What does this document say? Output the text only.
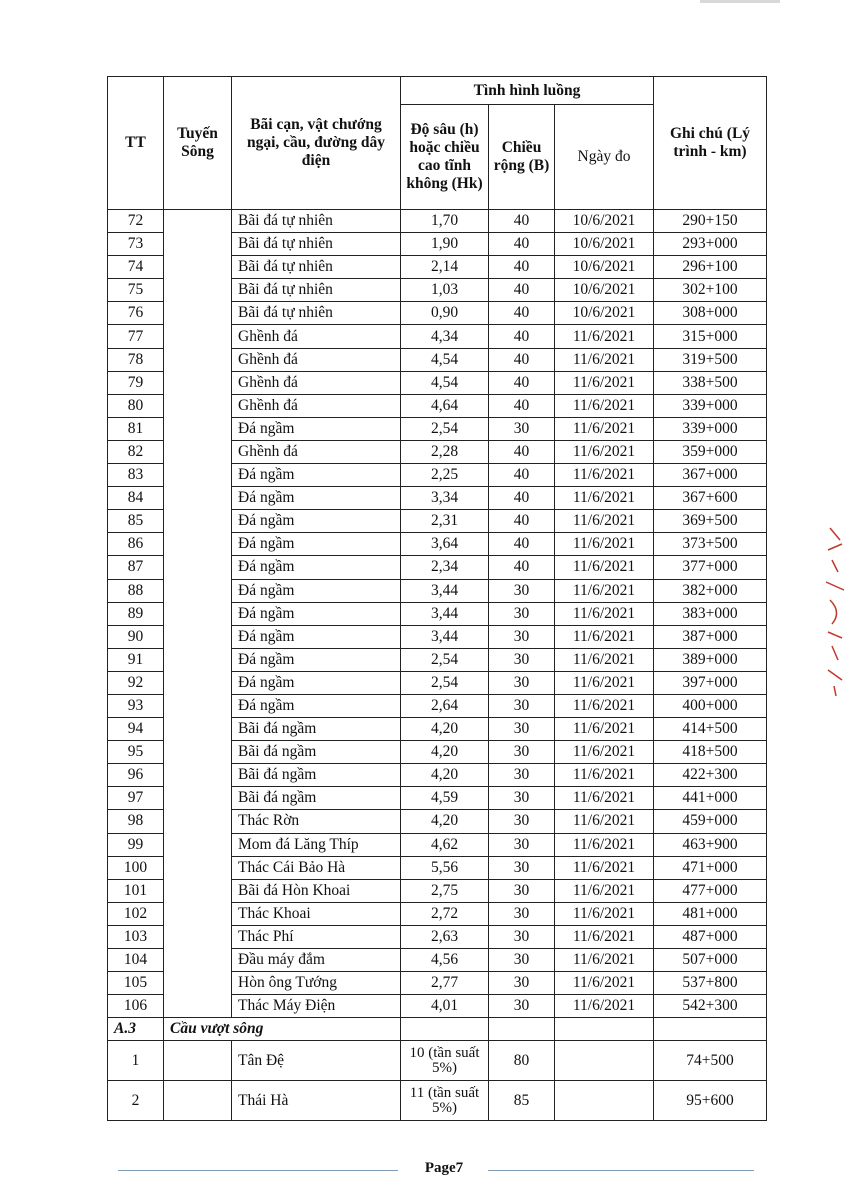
TT	Tuyến Sông	Bãi cạn, vật chướng ngại, cầu, đường dây điện	Tình hình luồng			Ghi chú (Lý trình - km)
			Độ sâu (h) hoặc chiều cao tĩnh không (Hk)	Chiều rộng (B)	Ngày đo	
72		Bãi đá tự nhiên	1,70	40	10/6/2021	290+150
73		Bãi đá tự nhiên	1,90	40	10/6/2021	293+000
74		Bãi đá tự nhiên	2,14	40	10/6/2021	296+100
75		Bãi đá tự nhiên	1,03	40	10/6/2021	302+100
76		Bãi đá tự nhiên	0,90	40	10/6/2021	308+000
77		Ghềnh đá	4,34	40	11/6/2021	315+000
78		Ghềnh đá	4,54	40	11/6/2021	319+500
79		Ghềnh đá	4,54	40	11/6/2021	338+500
80		Ghềnh đá	4,64	40	11/6/2021	339+000
81		Đá ngầm	2,54	30	11/6/2021	339+000
82		Ghềnh đá	2,28	40	11/6/2021	359+000
83		Đá ngầm	2,25	40	11/6/2021	367+000
84		Đá ngầm	3,34	40	11/6/2021	367+600
85		Đá ngầm	2,31	40	11/6/2021	369+500
86		Đá ngầm	3,64	40	11/6/2021	373+500
87		Đá ngầm	2,34	40	11/6/2021	377+000
88		Đá ngầm	3,44	30	11/6/2021	382+000
89		Đá ngầm	3,44	30	11/6/2021	383+000
90		Đá ngầm	3,44	30	11/6/2021	387+000
91		Đá ngầm	2,54	30	11/6/2021	389+000
92		Đá ngầm	2,54	30	11/6/2021	397+000
93		Đá ngầm	2,64	30	11/6/2021	400+000
94		Bãi đá ngầm	4,20	30	11/6/2021	414+500
95		Bãi đá ngầm	4,20	30	11/6/2021	418+500
96		Bãi đá ngầm	4,20	30	11/6/2021	422+300
97		Bãi đá ngầm	4,59	30	11/6/2021	441+000
98		Thác Rờn	4,20	30	11/6/2021	459+000
99		Mom đá Lăng Thíp	4,62	30	11/6/2021	463+900
100		Thác Cái Bảo Hà	5,56	30	11/6/2021	471+000
101		Bãi đá Hòn Khoai	2,75	30	11/6/2021	477+000
102		Thác Khoai	2,72	30	11/6/2021	481+000
103		Thác Phí	2,63	30	11/6/2021	487+000
104		Đầu máy đắm	4,56	30	11/6/2021	507+000
105		Hòn ông Tướng	2,77	30	11/6/2021	537+800
106		Thác Máy Điện	4,01	30	11/6/2021	542+300
A.3	Cầu vượt sông					
1		Tân Đệ	10 (tần suất 5%)	80		74+500
2		Thái Hà	11 (tần suất 5%)	85		95+600
Page7
